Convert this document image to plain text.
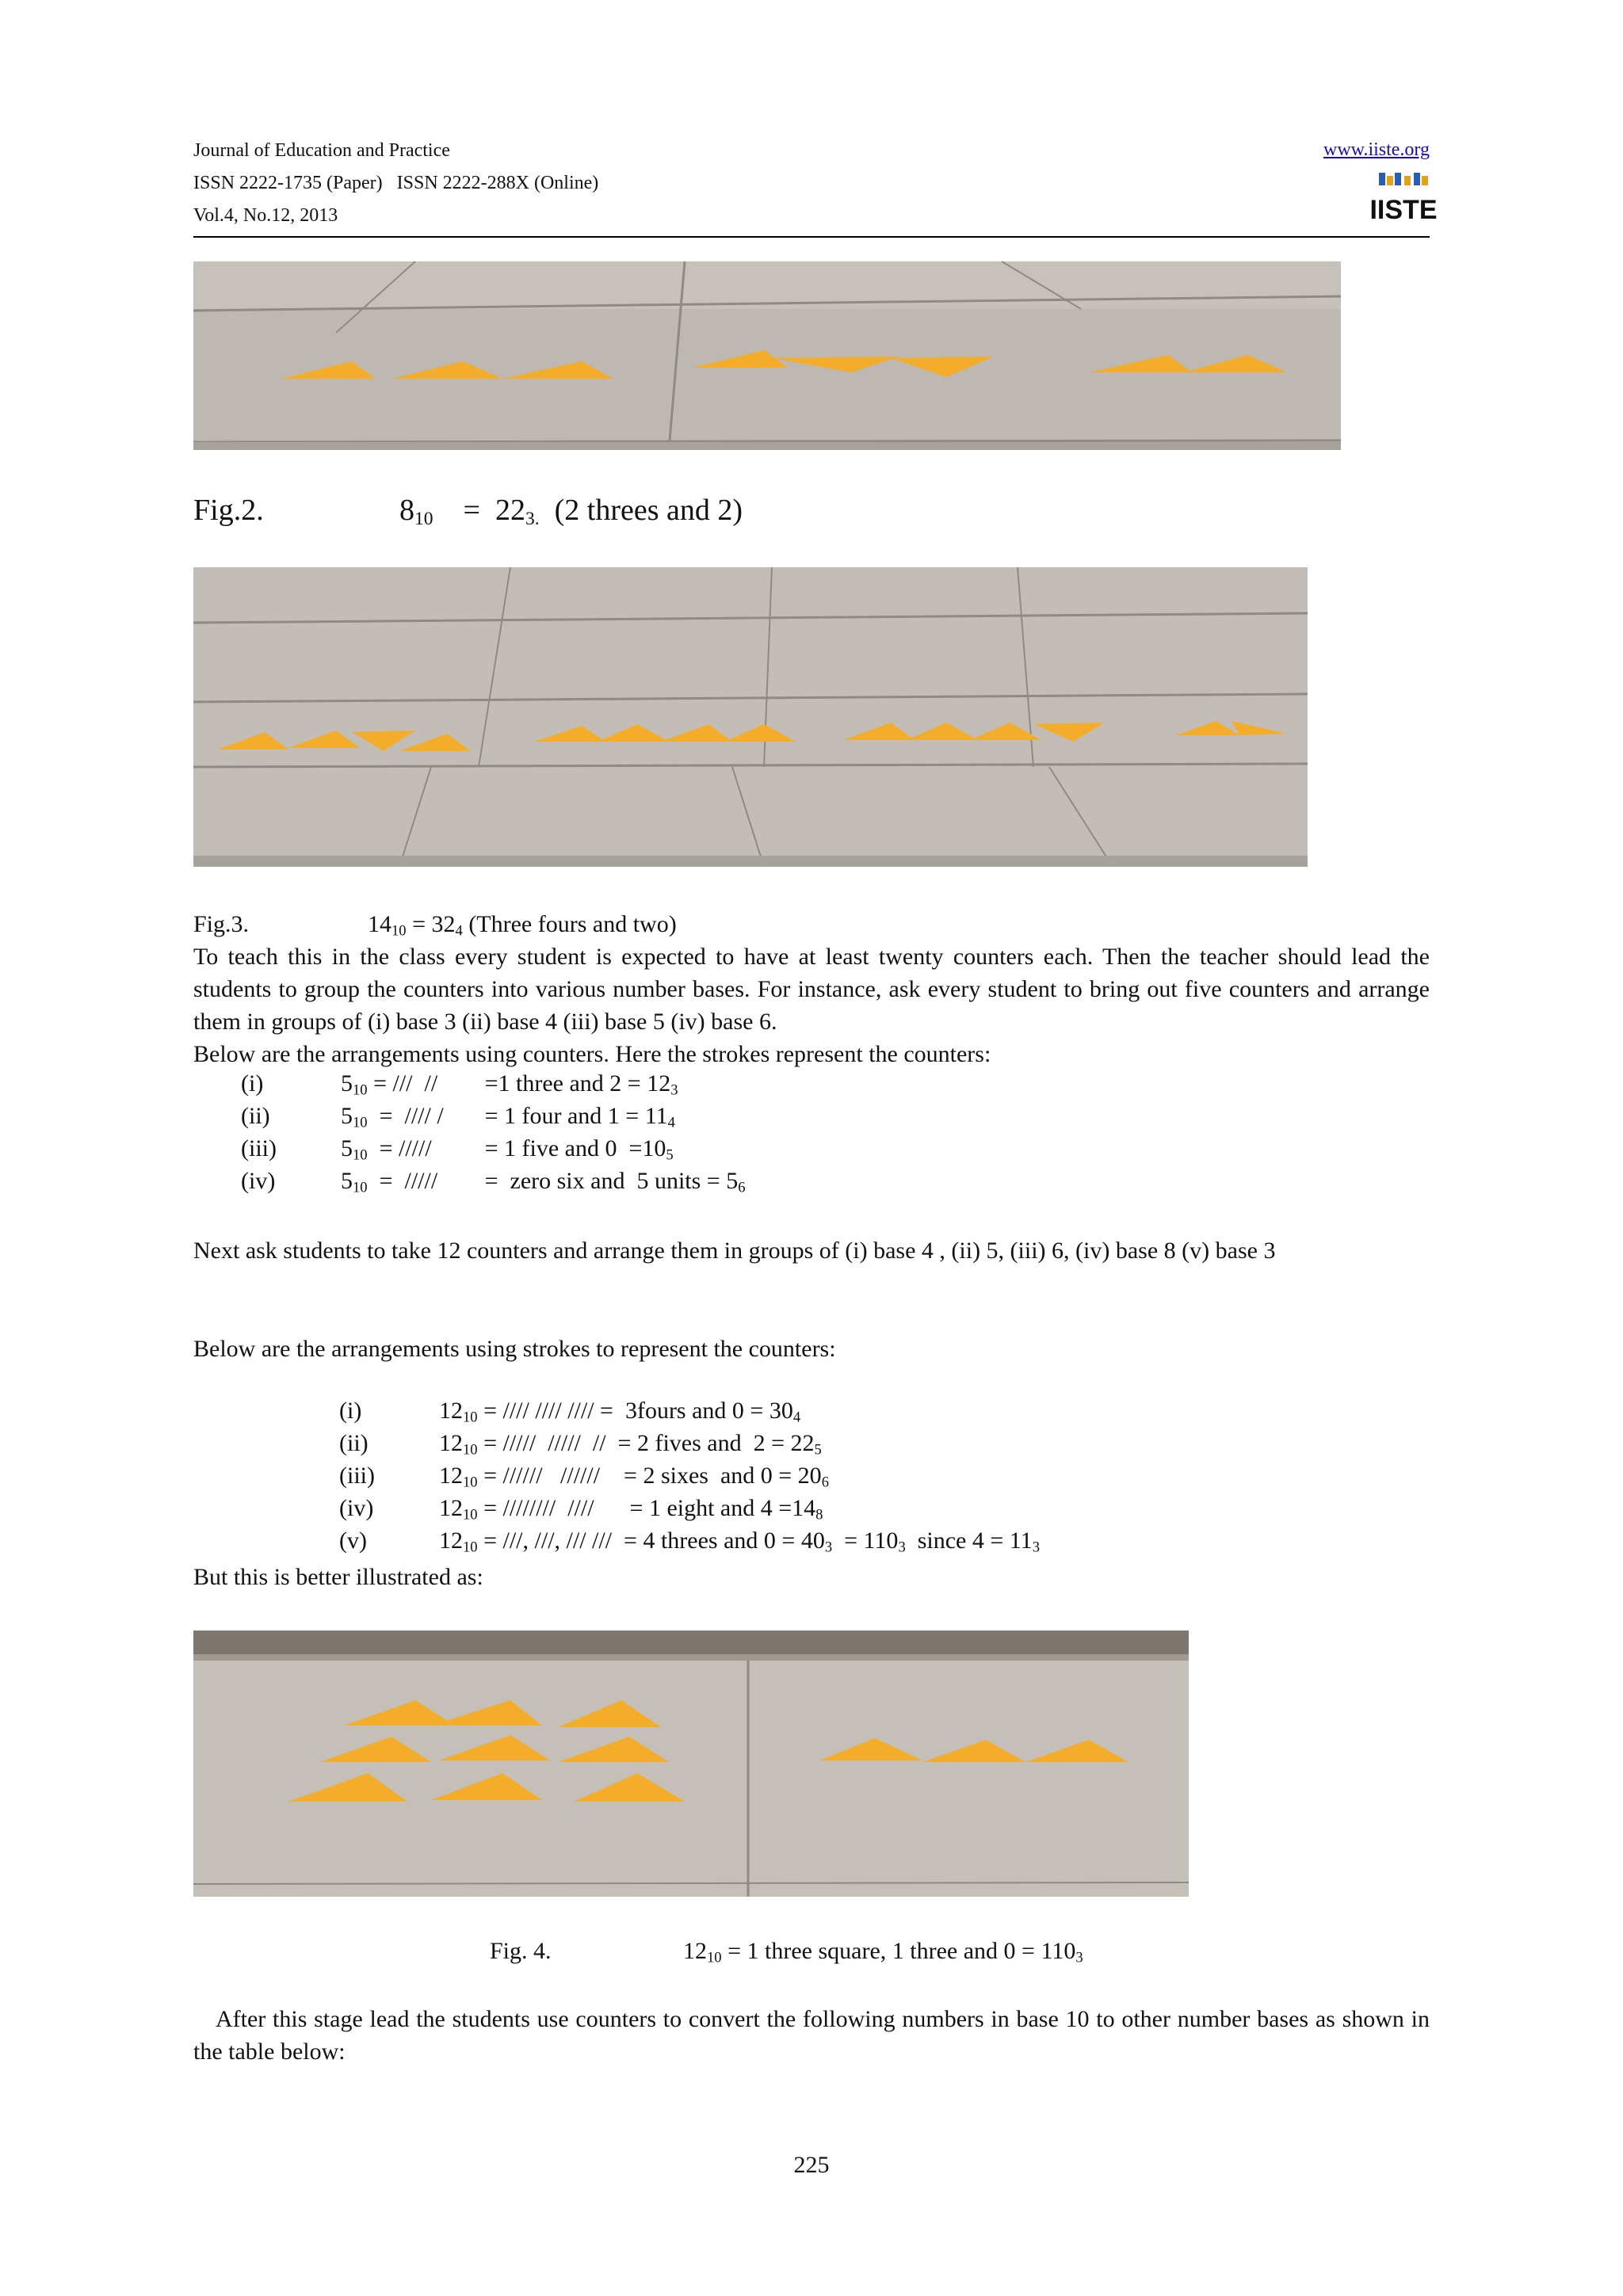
Journal of Education and Practice
ISSN 2222-1735 (Paper)   ISSN 2222-288X (Online)
Vol.4, No.12, 2013
www.iiste.org
IISTE
Fig.2.	$8_{10} = 22_{3.}$ (2 threes and 2)
Fig.3.	$14_{10} = 32_4$ (Three fours and two)
To teach this in the class every student is expected to have at least twenty counters each. Then the teacher should lead the students to group the counters into various number bases. For instance, ask every student to bring out five counters and arrange them in groups of (i) base 3 (ii) base 4 (iii) base 5 (iv) base 6.
Below are the arrangements using counters. Here the strokes represent the counters:
(i)	$5_{10}$ = ///  // =1 three and $2 = 12_3$
(ii)	$5_{10}$  =  //// / = 1 four and $1 = 11_4$
(iii)	$5_{10}$  = ///// = 1 five and $0 =10_5$
(iv)	$5_{10}$  =  ///// =  zero six and  5 units = $5_6$
Next ask students to take 12 counters and arrange them in groups of (i) base 4 , (ii) 5, (iii) 6, (iv) base 8 (v) base 3
Below are the arrangements using strokes to represent the counters:
(i)	$12_{10}$ = //// //// //// =  3fours and $0 = 30_4$
(ii)	$12_{10}$ = /////  /////  //  = 2 fives and  $2 = 22_5$
(iii)	$12_{10}$ = //////   //////    = 2 sixes  and $0 = 20_6$
(iv)	$12_{10}$ = ////////  ////      = 1 eight and $4 =14_8$
(v)	$12_{10}$ = ///, ///, /// ///  = 4 threes and $0 = 40_3 = 110_3$  since $4 = 11_3$
But this is better illustrated as:
Fig. 4.	$12_{10} = 1$ three square, 1 three and $0 = 110_3$
After this stage lead the students use counters to convert the following numbers in base 10 to other number bases as shown in the table below:
225
